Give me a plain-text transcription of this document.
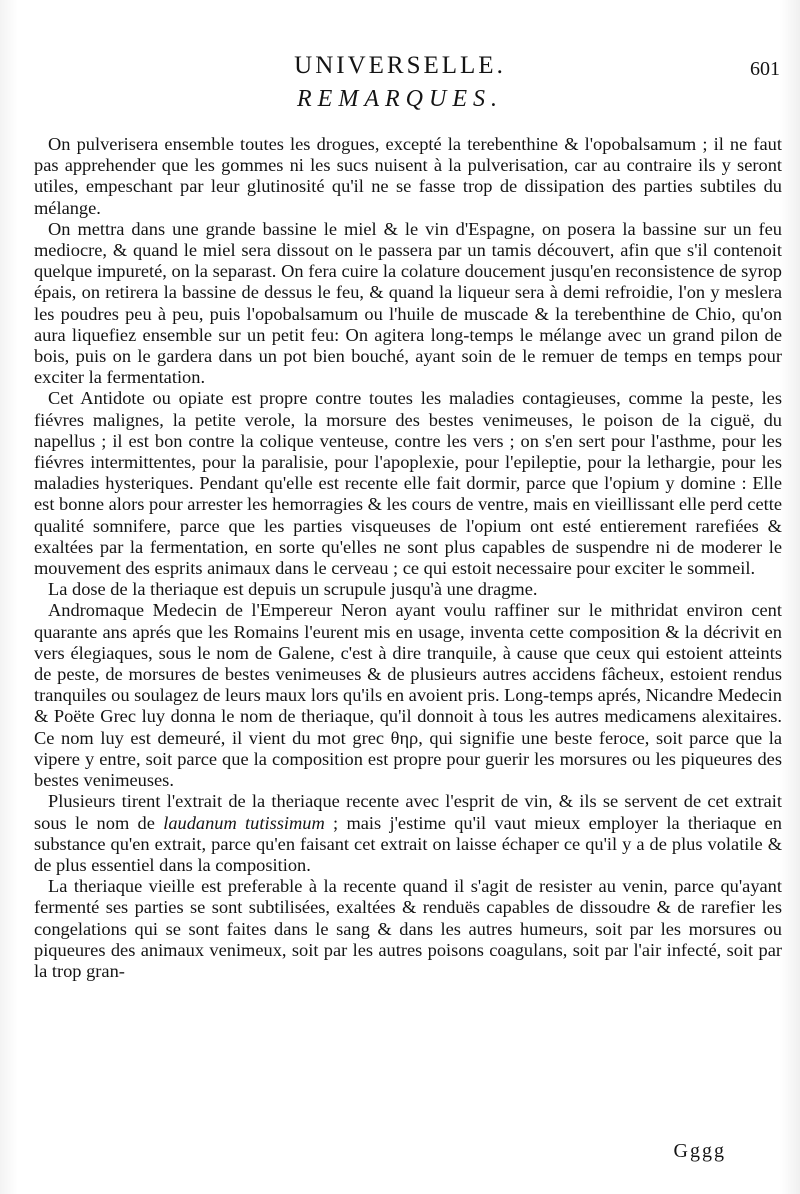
UNIVERSELLE.	601
REMARQUES.

On pulverisera ensemble toutes les drogues, excepté la terebenthine & l'opobalsamum ; il ne faut pas apprehender que les gommes ni les sucs nuisent à la pulverisation, car au contraire ils y seront utiles, empeschant par leur glutinosité qu'il ne se fasse trop de dissipation des parties subtiles du mélange.

On mettra dans une grande bassine le miel & le vin d'Espagne, on posera la bassine sur un feu mediocre, & quand le miel sera dissout on le passera par un tamis découvert, afin que s'il contenoit quelque impureté, on la separast. On fera cuire la colature doucement jusqu'en reconsistence de syrop épais, on retirera la bassine de dessus le feu, & quand la liqueur sera à demi refroidie, l'on y meslera les poudres peu à peu, puis l'opobalsamum ou l'huile de muscade & la terebenthine de Chio, qu'on aura liquefiez ensemble sur un petit feu: On agitera long-temps le mélange avec un grand pilon de bois, puis on le gardera dans un pot bien bouché, ayant soin de le remuer de temps en temps pour exciter la fermentation.

Cet Antidote ou opiate est propre contre toutes les maladies contagieuses, comme la peste, les fiévres malignes, la petite verole, la morsure des bestes venimeuses, le poison de la ciguë, du napellus ; il est bon contre la colique venteuse, contre les vers ; on s'en sert pour l'asthme, pour les fiévres intermittentes, pour la paralisie, pour l'apoplexie, pour l'epileptie, pour la lethargie, pour les maladies hysteriques. Pendant qu'elle est recente elle fait dormir, parce que l'opium y domine : Elle est bonne alors pour arrester les hemorragies & les cours de ventre, mais en vieillissant elle perd cette qualité somnifere, parce que les parties visqueuses de l'opium ont esté entierement rarefiées & exaltées par la fermentation, en sorte qu'elles ne sont plus capables de suspendre ni de moderer le mouvement des esprits animaux dans le cerveau ; ce qui estoit necessaire pour exciter le sommeil.

La dose de la theriaque est depuis un scrupule jusqu'à une dragme.

Andromaque Medecin de l'Empereur Neron ayant voulu raffiner sur le mithridat environ cent quarante ans aprés que les Romains l'eurent mis en usage, inventa cette composition & la décrivit en vers élegiaques, sous le nom de Galene, c'est à dire tranquile, à cause que ceux qui estoient atteints de peste, de morsures de bestes venimeuses & de plusieurs autres accidens fâcheux, estoient rendus tranquiles ou soulagez de leurs maux lors qu'ils en avoient pris. Long-temps aprés, Nicandre Medecin & Poëte Grec luy donna le nom de theriaque, qu'il donnoit à tous les autres medicamens alexitaires. Ce nom luy est demeuré, il vient du mot grec θηρ, qui signifie une beste feroce, soit parce que la vipere y entre, soit parce que la composition est propre pour guerir les morsures ou les piqueures des bestes venimeuses.

Plusieurs tirent l'extrait de la theriaque recente avec l'esprit de vin, & ils se servent de cet extrait sous le nom de laudanum tutissimum ; mais j'estime qu'il vaut mieux employer la theriaque en substance qu'en extrait, parce qu'en faisant cet extrait on laisse échaper ce qu'il y a de plus volatile & de plus essentiel dans la composition.

La theriaque vieille est preferable à la recente quand il s'agit de resister au venin, parce qu'ayant fermenté ses parties se sont subtilisées, exaltées & renduës capables de dissoudre & de rarefier les congelations qui se sont faites dans le sang & dans les autres humeurs, soit par les morsures ou piqueures des animaux venimeux, soit par les autres poisons coagulans, soit par l'air infecté, soit par la trop gran-

Gggg
